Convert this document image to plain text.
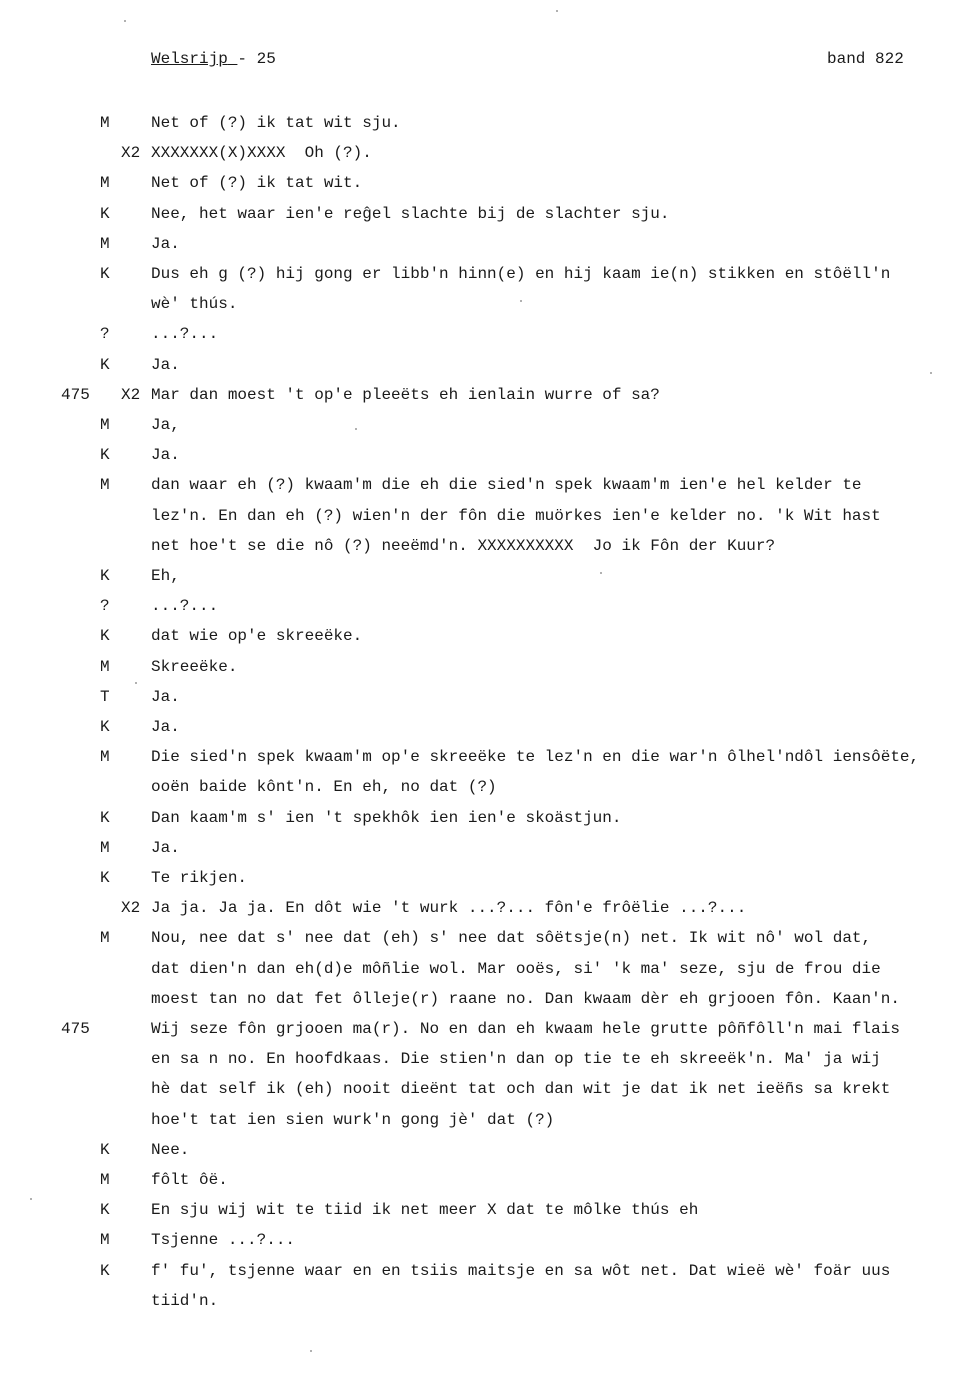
Welsrijp - 25	band 822
M	Net of (?) ik tat wit sju.
X2 XXXXXXX(X)XXXX  Oh (?).
M	Net of (?) ik tat wit.
K	Nee, het waar ien'e reĝel slachte bij de slachter sju.
M	Ja.
K	Dus eh g (?) hij gong er libb'n hinn(e) en hij kaam ie(n) stikken en stôëll'n
wè' thús.
?	...?...
K	Ja.
475 X2 Mar dan moest 't op'e pleeëts eh ienlain wurre of sa?
M	Ja,
K	Ja.
M	dan waar eh (?) kwaam'm die eh die sied'n spek kwaam'm ien'e hel kelder te
lez'n. En dan eh (?) wien'n der fôn die muörkes ien'e kelder no. 'k Wit hast
net hoe't se die nô (?) neeëmd'n. XXXXXXXXXX  Jo ik Fôn der Kuur?
K	Eh,
?	...?...
K	dat wie op'e skreeëke.
M	Skreeëke.
T	Ja.
K	Ja.
M	Die sied'n spek kwaam'm op'e skreeëke te lez'n en die war'n ôlhel'ndôl iensôëte,
ooën baide kônt'n. En eh, no dat (?)
K	Dan kaam'm s' ien 't spekhôk ien ien'e skoästjun.
M	Ja.
K	Te rikjen.
X2 Ja ja. Ja ja. En dôt wie 't wurk ...?... fôn'e frôëlie ...?...
M	Nou, nee dat s' nee dat (eh) s' nee dat sôëtsje(n) net. Ik wit nô' wol dat,
dat dien'n dan eh(d)e môñlie wol. Mar ooës, si' 'k ma' seze, sju de frou die
moest tan no dat fet ôlleje(r) raane no. Dan kwaam dèr eh grjooen fôn. Kaan'n.
475	Wij seze fôn grjooen ma(r). No en dan eh kwaam hele grutte pôñfôll'n mai flais
en sa n no. En hoofdkaas. Die stien'n dan op tie te eh skreeëk'n. Ma' ja wij
hè dat self ik (eh) nooit dieënt tat och dan wit je dat ik net ieëñs sa krekt
hoe't tat ien sien wurk'n gong jè' dat (?)
K	Nee.
M	fôlt ôë.
K	En sju wij wit te tiid ik net meer X dat te môlke thús eh
M	Tsjenne ...?...
K	f' fu', tsjenne waar en en tsiis maitsje en sa wôt net. Dat wieë wè' foär uus
tiid'n.
